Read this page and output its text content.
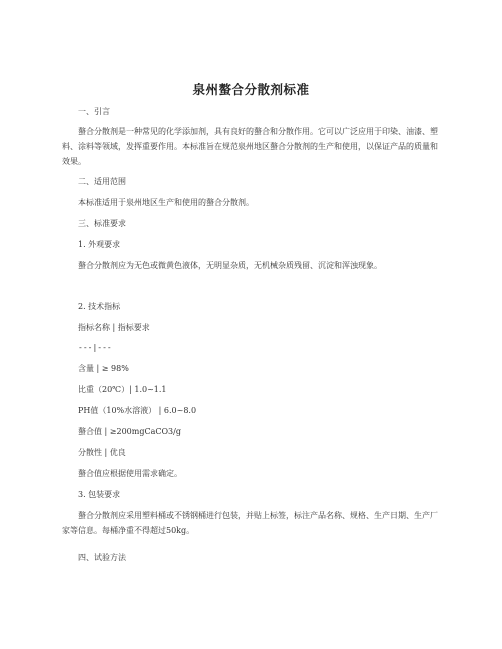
泉州螯合分散剂标准
一、引言
螯合分散剂是一种常见的化学添加剂，具有良好的螯合和分散作用。它可以广泛应用于印染、油漆、塑料、涂料等领域，发挥重要作用。本标准旨在规范泉州地区螯合分散剂的生产和使用，以保证产品的质量和效果。
二、适用范围
本标准适用于泉州地区生产和使用的螯合分散剂。
三、标准要求
1. 外观要求
螯合分散剂应为无色或微黄色液体，无明显杂质，无机械杂质残留、沉淀和浑浊现象。
2. 技术指标
指标名称 | 指标要求
---|---
含量 | ≥ 98%
比重（20℃）| 1.0~1.1
PH值（10%水溶液） | 6.0~8.0
螯合值 | ≥200mgCaCO3/g
分散性 | 优良
螯合值应根据使用需求确定。
3. 包装要求
螯合分散剂应采用塑料桶或不锈钢桶进行包装，并贴上标签，标注产品名称、规格、生产日期、生产厂家等信息。每桶净重不得超过50kg。
四、试验方法
